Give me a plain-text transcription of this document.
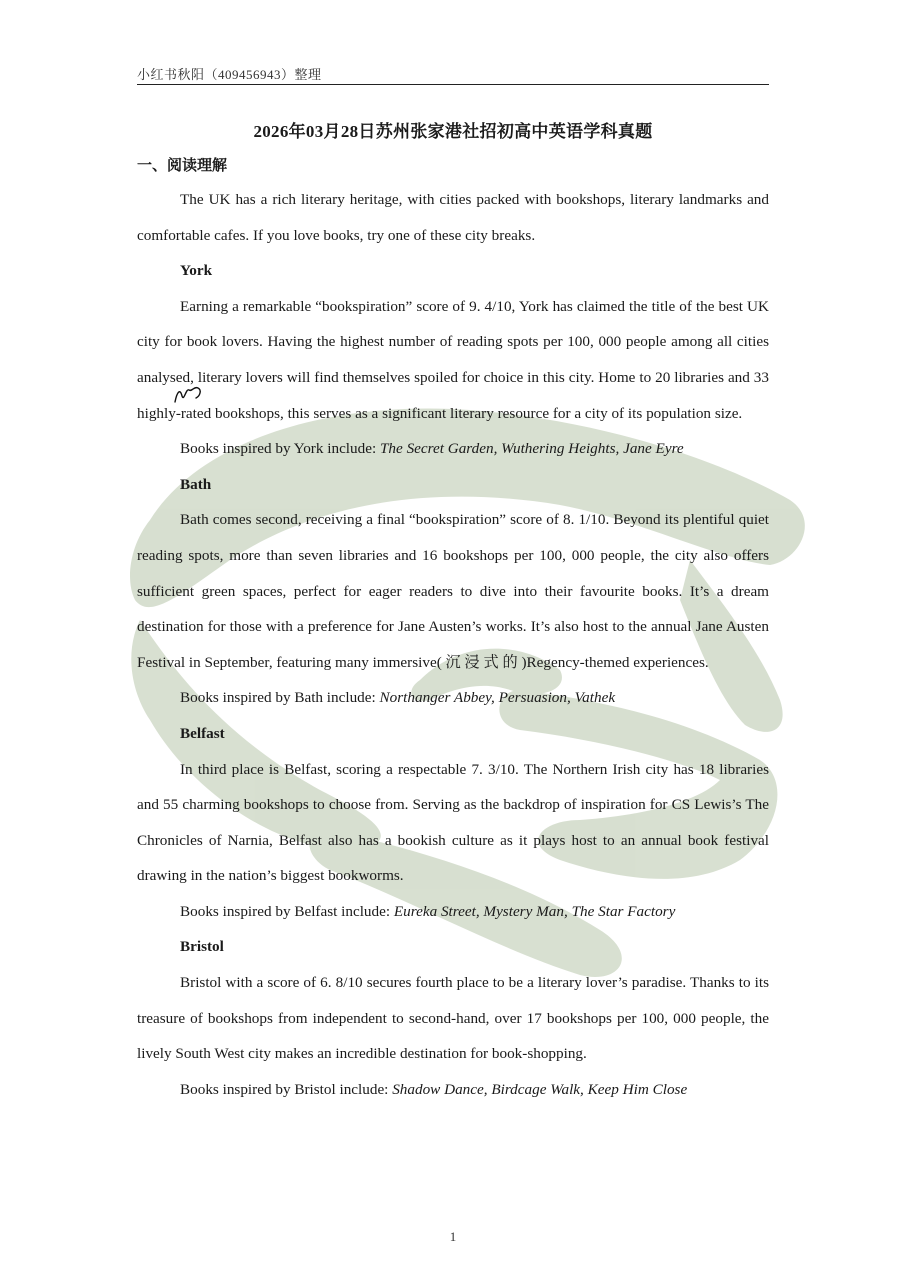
小红书秋阳（409456943）整理
2026年03月28日苏州张家港社招初高中英语学科真题
一、阅读理解

The UK has a rich literary heritage, with cities packed with bookshops, literary landmarks and comfortable cafes. If you love books, try one of these city breaks.

York

Earning a remarkable “bookspiration” score of 9. 4/10, York has claimed the title of the best UK city for book lovers. Having the highest number of reading spots per 100, 000 people among all cities analysed, literary lovers will find themselves spoiled for choice in this city. Home to 20 libraries and 33 highly-rated bookshops, this serves as a significant literary resource for a city of its population size.

Books inspired by York include: The Secret Garden, Wuthering Heights, Jane Eyre

Bath

Bath comes second, receiving a final “bookspiration” score of 8. 1/10. Beyond its plentiful quiet reading spots, more than seven libraries and 16 bookshops per 100, 000 people, the city also offers sufficient green spaces, perfect for eager readers to dive into their favourite books. It’s a dream destination for those with a preference for Jane Austen’s works. It’s also host to the annual Jane Austen Festival in September, featuring many immersive( 沉 浸 式 的 )Regency-themed experiences.

Books inspired by Bath include: Northanger Abbey, Persuasion, Vathek

Belfast

In third place is Belfast, scoring a respectable 7. 3/10. The Northern Irish city has 18 libraries and 55 charming bookshops to choose from. Serving as the backdrop of inspiration for CS Lewis’s The Chronicles of Narnia, Belfast also has a bookish culture as it plays host to an annual book festival drawing in the nation’s biggest bookworms.

Books inspired by Belfast include: Eureka Street, Mystery Man, The Star Factory

Bristol

Bristol with a score of 6. 8/10 secures fourth place to be a literary lover’s paradise. Thanks to its treasure of bookshops from independent to second-hand, over 17 bookshops per 100, 000 people, the lively South West city makes an incredible destination for book-shopping.

Books inspired by Bristol include: Shadow Dance, Birdcage Walk, Keep Him Close

1
